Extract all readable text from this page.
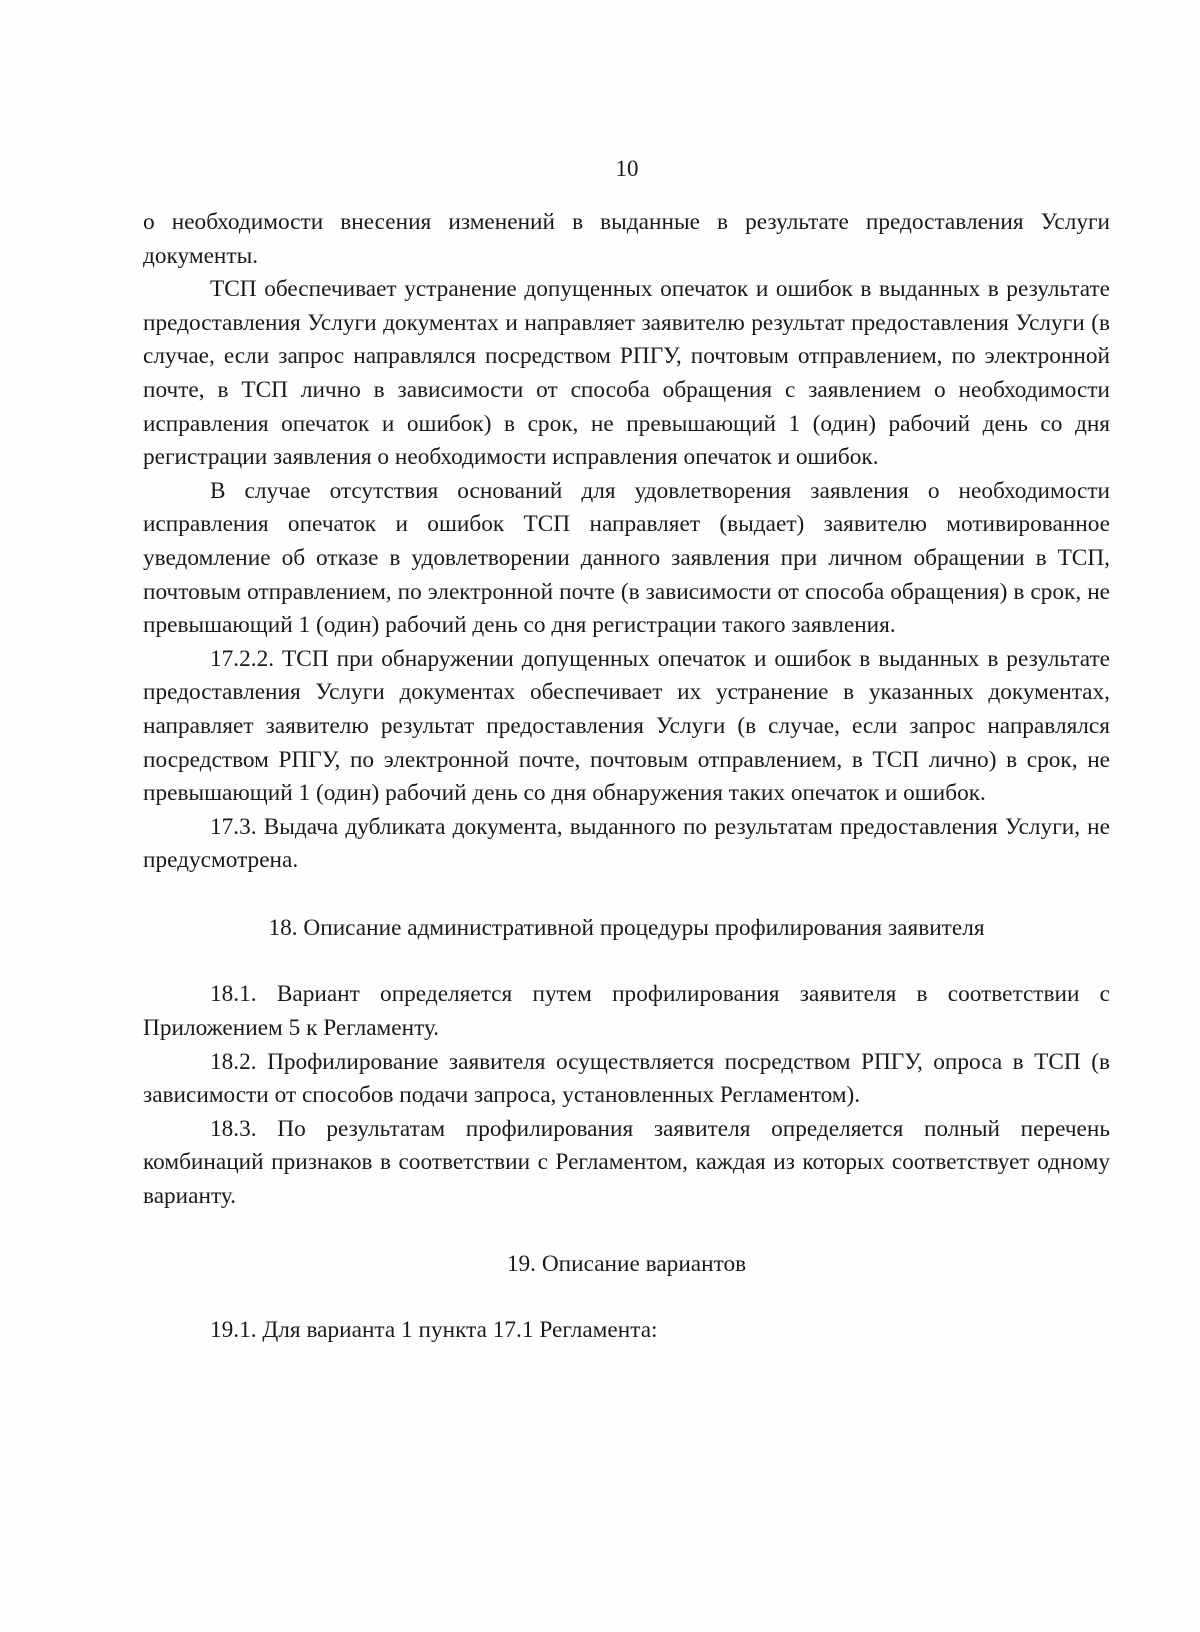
10

о необходимости внесения изменений в выданные в результате предоставления Услуги документы.

ТСП обеспечивает устранение допущенных опечаток и ошибок в выданных в результате предоставления Услуги документах и направляет заявителю результат предоставления Услуги (в случае, если запрос направлялся посредством РПГУ, почтовым отправлением, по электронной почте, в ТСП лично в зависимости от способа обращения с заявлением о необходимости исправления опечаток и ошибок) в срок, не превышающий 1 (один) рабочий день со дня регистрации заявления о необходимости исправления опечаток и ошибок.

В случае отсутствия оснований для удовлетворения заявления о необходимости исправления опечаток и ошибок ТСП направляет (выдает) заявителю мотивированное уведомление об отказе в удовлетворении данного заявления при личном обращении в ТСП, почтовым отправлением, по электронной почте (в зависимости от способа обращения) в срок, не превышающий 1 (один) рабочий день со дня регистрации такого заявления.

17.2.2. ТСП при обнаружении допущенных опечаток и ошибок в выданных в результате предоставления Услуги документах обеспечивает их устранение в указанных документах, направляет заявителю результат предоставления Услуги (в случае, если запрос направлялся посредством РПГУ, по электронной почте, почтовым отправлением, в ТСП лично) в срок, не превышающий 1 (один) рабочий день со дня обнаружения таких опечаток и ошибок.

17.3. Выдача дубликата документа, выданного по результатам предоставления Услуги, не предусмотрена.

18. Описание административной процедуры профилирования заявителя

18.1. Вариант определяется путем профилирования заявителя в соответствии с Приложением 5 к Регламенту.

18.2. Профилирование заявителя осуществляется посредством РПГУ, опроса в ТСП (в зависимости от способов подачи запроса, установленных Регламентом).

18.3. По результатам профилирования заявителя определяется полный перечень комбинаций признаков в соответствии с Регламентом, каждая из которых соответствует одному варианту.

19. Описание вариантов

19.1. Для варианта 1 пункта 17.1 Регламента:
